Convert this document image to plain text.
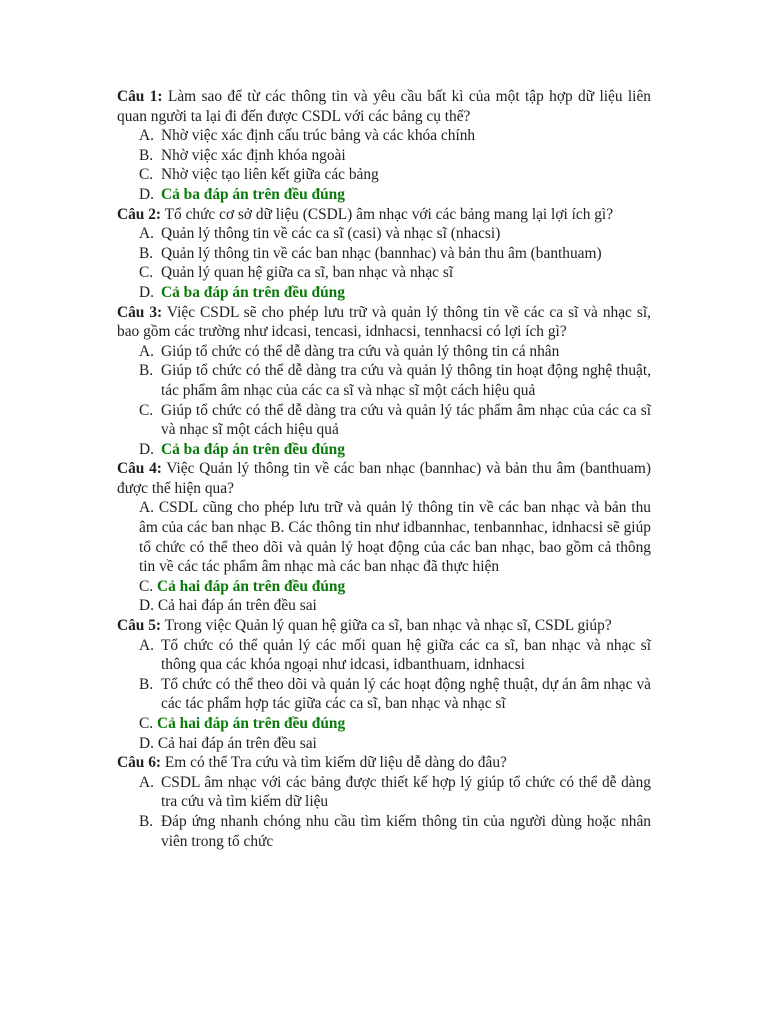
Câu 1: Làm sao để từ các thông tin và yêu cầu bất kì của một tập hợp dữ liệu liên quan người ta lại đi đến được CSDL với các bảng cụ thể?
A. Nhờ việc xác định cấu trúc bảng và các khóa chính
B. Nhờ việc xác định khóa ngoài
C. Nhờ việc tạo liên kết giữa các bảng
D. Cả ba đáp án trên đều đúng
Câu 2: Tổ chức cơ sở dữ liệu (CSDL) âm nhạc với các bảng mang lại lợi ích gì?
A. Quản lý thông tin về các ca sĩ (casi) và nhạc sĩ (nhacsi)
B. Quản lý thông tin về các ban nhạc (bannhac) và bản thu âm (banthuam)
C. Quản lý quan hệ giữa ca sĩ, ban nhạc và nhạc sĩ
D. Cả ba đáp án trên đều đúng
Câu 3: Việc CSDL sẽ cho phép lưu trữ và quản lý thông tin về các ca sĩ và nhạc sĩ, bao gồm các trường như idcasi, tencasi, idnhacsi, tennhacsi có lợi ích gì?
A. Giúp tổ chức có thể dễ dàng tra cứu và quản lý thông tin cá nhân
B. Giúp tổ chức có thể dễ dàng tra cứu và quản lý thông tin hoạt động nghệ thuật, tác phẩm âm nhạc của các ca sĩ và nhạc sĩ một cách hiệu quả
C. Giúp tổ chức có thể dễ dàng tra cứu và quản lý tác phẩm âm nhạc của các ca sĩ và nhạc sĩ một cách hiệu quả
D. Cả ba đáp án trên đều đúng
Câu 4: Việc Quản lý thông tin về các ban nhạc (bannhac) và bản thu âm (banthuam) được thể hiện qua?
A. CSDL cũng cho phép lưu trữ và quản lý thông tin về các ban nhạc và bản thu âm của các ban nhạc B. Các thông tin như idbannhac, tenbannhac, idnhacsi sẽ giúp tổ chức có thể theo dõi và quản lý hoạt động của các ban nhạc, bao gồm cả thông tin về các tác phẩm âm nhạc mà các ban nhạc đã thực hiện
C. Cả hai đáp án trên đều đúng
D. Cả hai đáp án trên đều sai
Câu 5: Trong việc Quản lý quan hệ giữa ca sĩ, ban nhạc và nhạc sĩ, CSDL giúp?
A. Tổ chức có thể quản lý các mối quan hệ giữa các ca sĩ, ban nhạc và nhạc sĩ thông qua các khóa ngoại như idcasi, idbanthuam, idnhacsi
B. Tổ chức có thể theo dõi và quản lý các hoạt động nghệ thuật, dự án âm nhạc và các tác phẩm hợp tác giữa các ca sĩ, ban nhạc và nhạc sĩ
C. Cả hai đáp án trên đều đúng
D. Cả hai đáp án trên đều sai
Câu 6: Em có thể Tra cứu và tìm kiếm dữ liệu dễ dàng do đâu?
A. CSDL âm nhạc với các bảng được thiết kế hợp lý giúp tổ chức có thể dễ dàng tra cứu và tìm kiếm dữ liệu
B. Đáp ứng nhanh chóng nhu cầu tìm kiếm thông tin của người dùng hoặc nhân viên trong tổ chức
